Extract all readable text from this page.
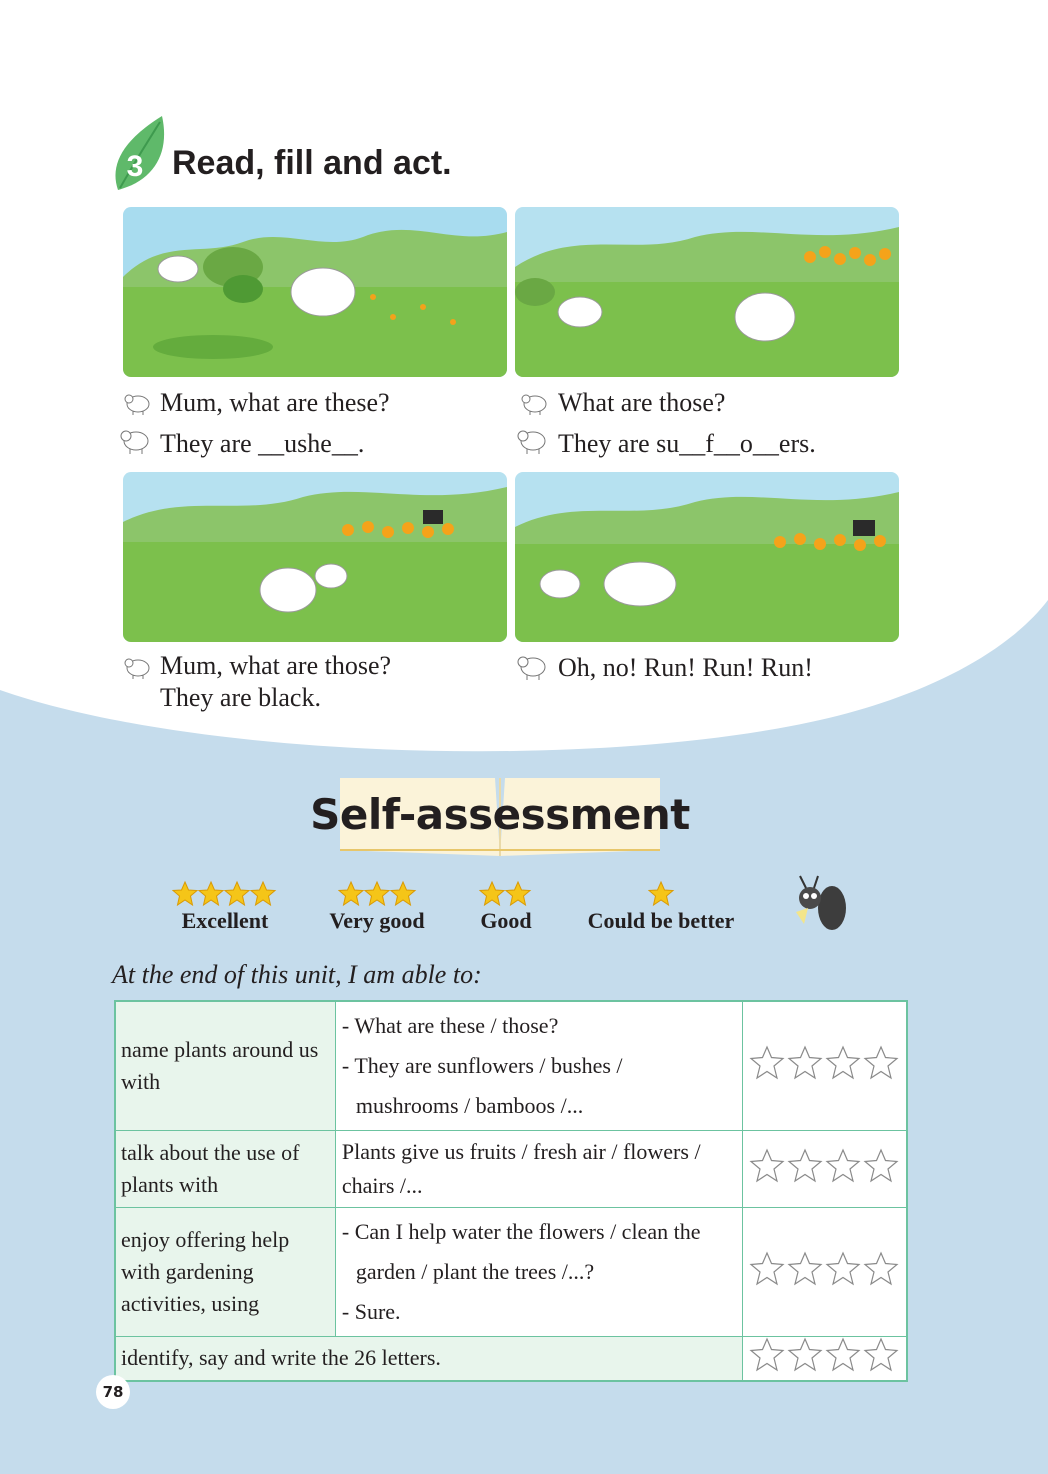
3 Read, fill and act.
Mum, what are these?
They are __ushe__.
What are those?
They are su__f__o__ers.
Mum, what are those?
They are black.
Oh, no! Run! Run! Run!
Self-assessment
Excellent	Very good	Good	Could be better
At the end of this unit, I am able to:
name plants around us with	- What are these / those?
- They are sunflowers / bushes /
mushrooms / bamboos /...

talk about the use of plants with	Plants give us fruits / fresh air / flowers /
chairs /...

enjoy offering help with gardening activities, using	- Can I help water the flowers / clean the
garden / plant the trees /...?
- Sure.

identify, say and write the 26 letters.	
78
